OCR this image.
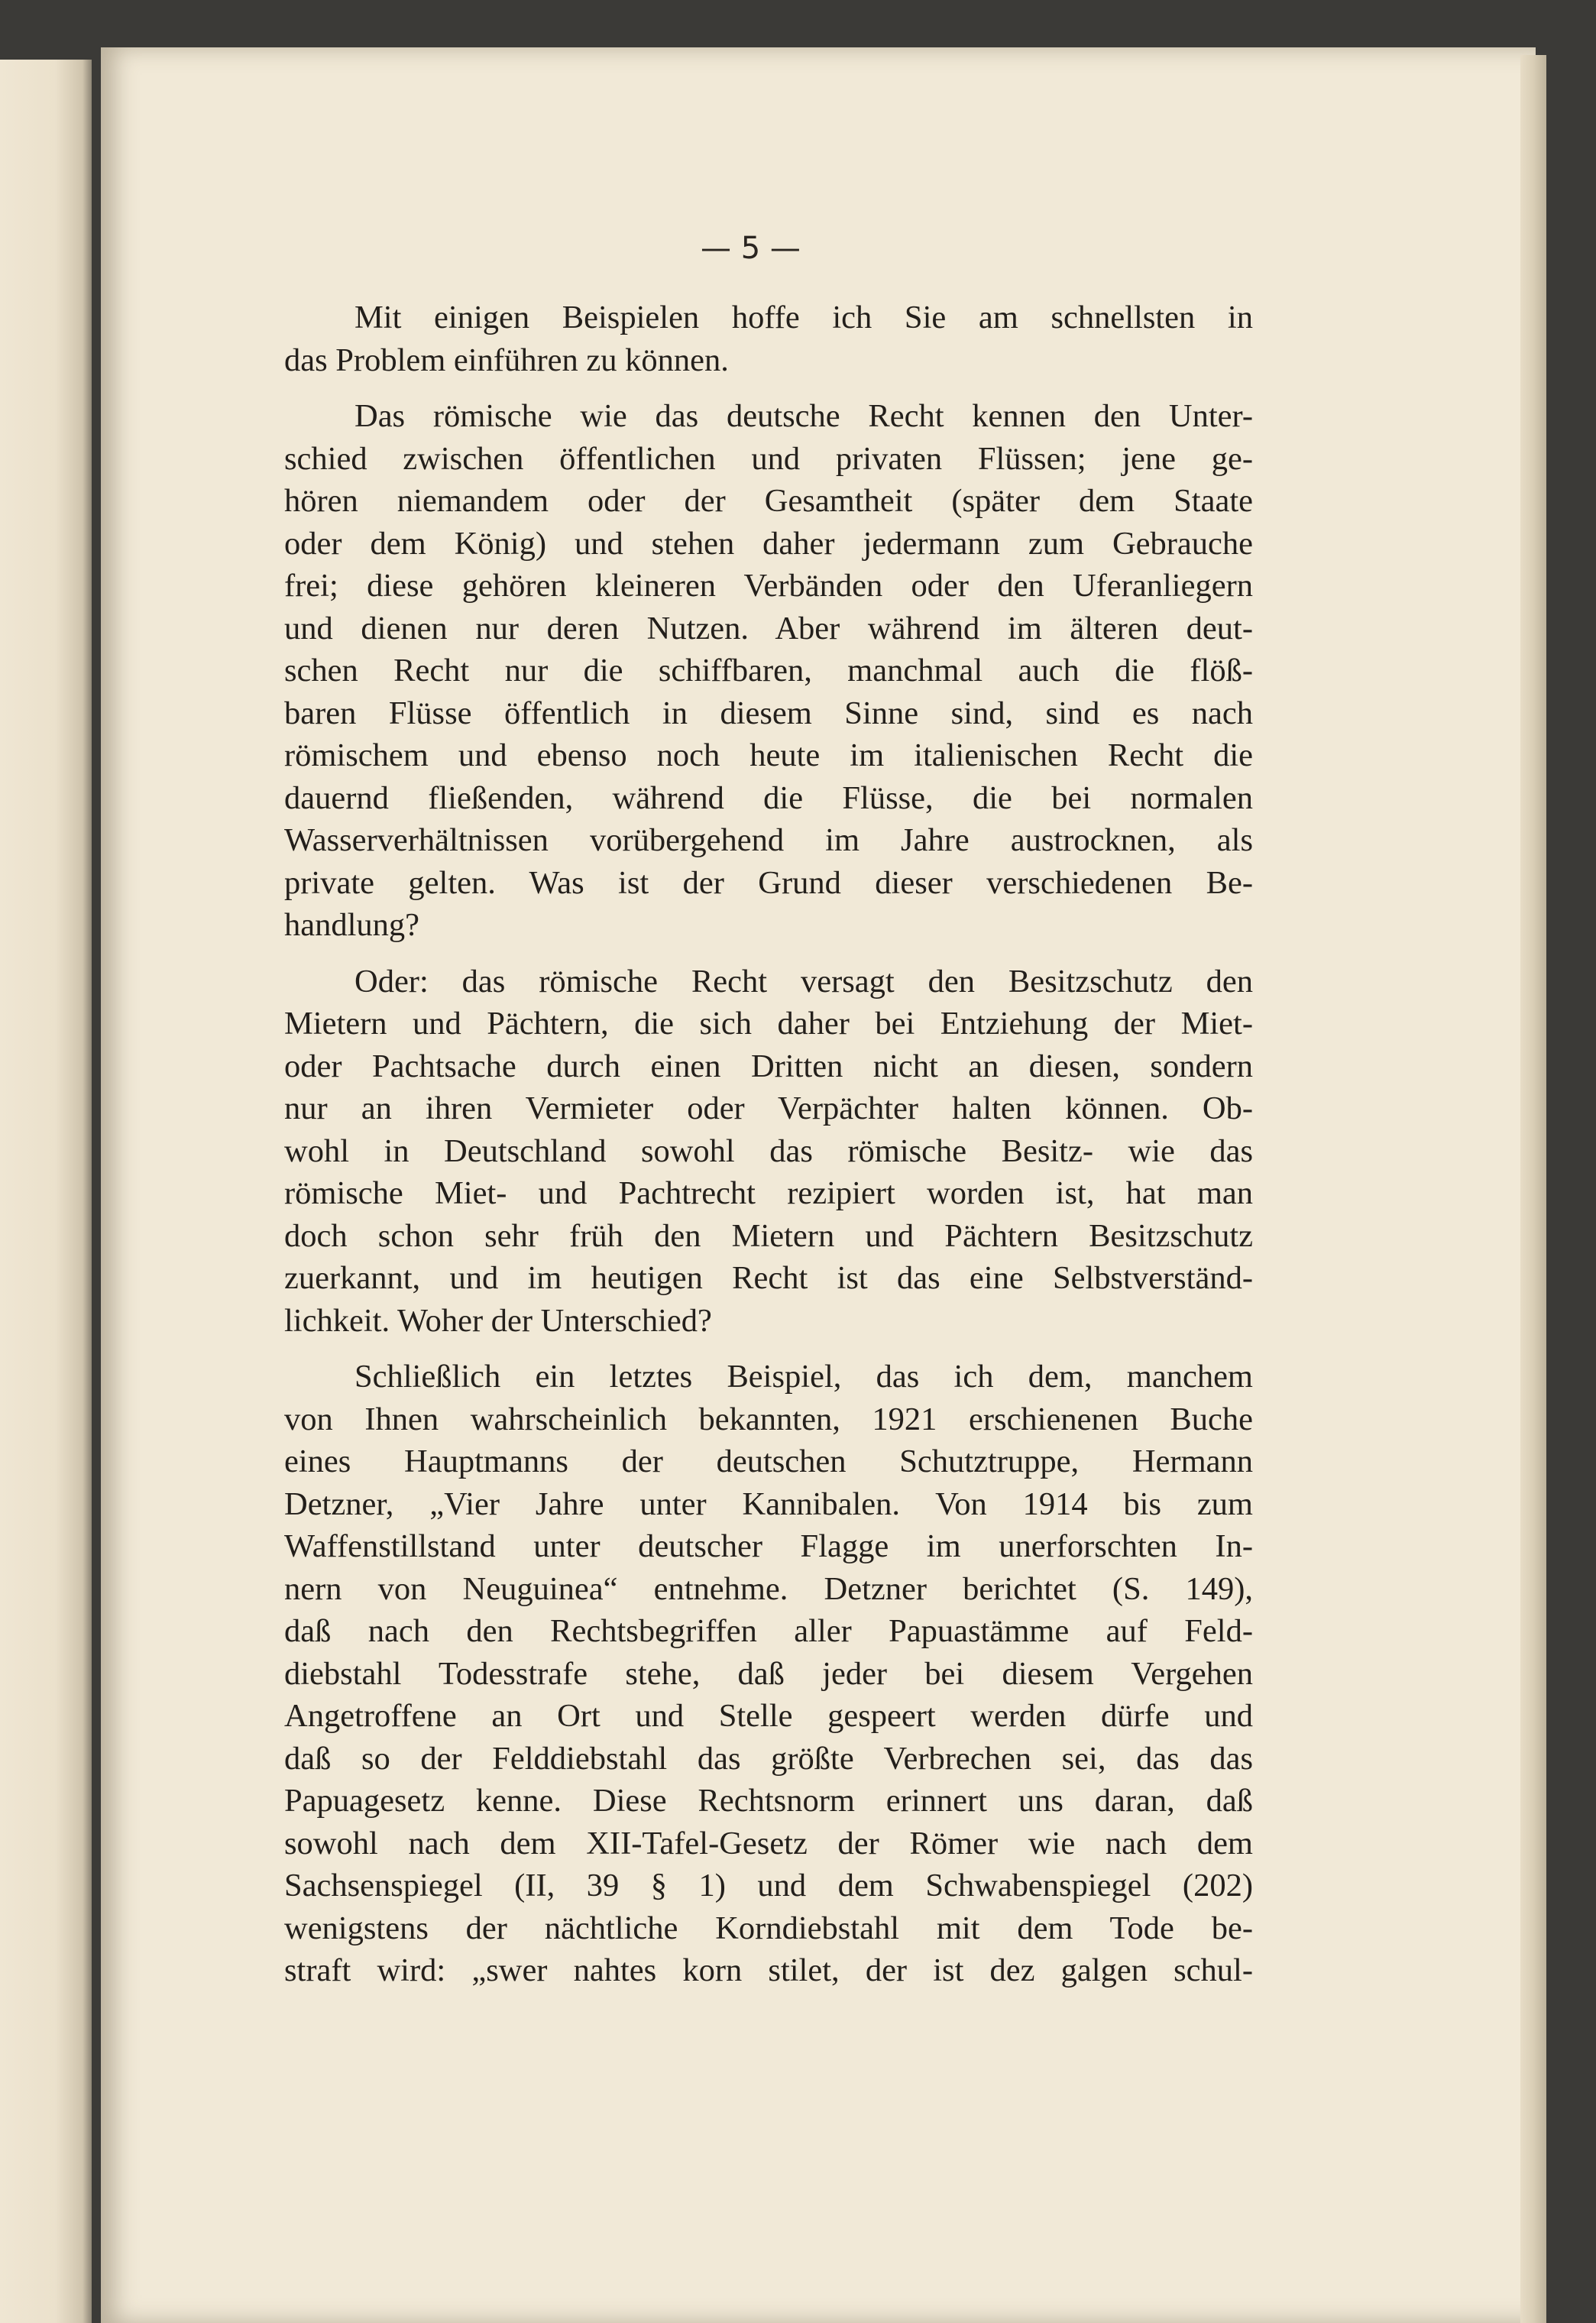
— 5 —
Mit einigen Beispielen hoffe ich Sie am schnellsten in
das Problem einführen zu können.
Das römische wie das deutsche Recht kennen den Unter-
schied zwischen öffentlichen und privaten Flüssen; jene ge-
hören niemandem oder der Gesamtheit (später dem Staate
oder dem König) und stehen daher jedermann zum Gebrauche
frei; diese gehören kleineren Verbänden oder den Uferanliegern
und dienen nur deren Nutzen. Aber während im älteren deut-
schen Recht nur die schiffbaren, manchmal auch die flöß-
baren Flüsse öffentlich in diesem Sinne sind, sind es nach
römischem und ebenso noch heute im italienischen Recht die
dauernd fließenden, während die Flüsse, die bei normalen
Wasserverhältnissen vorübergehend im Jahre austrocknen, als
private gelten. Was ist der Grund dieser verschiedenen Be-
handlung?
Oder: das römische Recht versagt den Besitzschutz den
Mietern und Pächtern, die sich daher bei Entziehung der Miet-
oder Pachtsache durch einen Dritten nicht an diesen, sondern
nur an ihren Vermieter oder Verpächter halten können. Ob-
wohl in Deutschland sowohl das römische Besitz- wie das
römische Miet- und Pachtrecht rezipiert worden ist, hat man
doch schon sehr früh den Mietern und Pächtern Besitzschutz
zuerkannt, und im heutigen Recht ist das eine Selbstverständ-
lichkeit. Woher der Unterschied?
Schließlich ein letztes Beispiel, das ich dem, manchem
von Ihnen wahrscheinlich bekannten, 1921 erschienenen Buche
eines Hauptmanns der deutschen Schutztruppe, Hermann
Detzner, „Vier Jahre unter Kannibalen. Von 1914 bis zum
Waffenstillstand unter deutscher Flagge im unerforschten In-
nern von Neuguinea“ entnehme. Detzner berichtet (S. 149),
daß nach den Rechtsbegriffen aller Papuastämme auf Feld-
diebstahl Todesstrafe stehe, daß jeder bei diesem Vergehen
Angetroffene an Ort und Stelle gespeert werden dürfe und
daß so der Felddiebstahl das größte Verbrechen sei, das das
Papuagesetz kenne. Diese Rechtsnorm erinnert uns daran, daß
sowohl nach dem XII-Tafel-Gesetz der Römer wie nach dem
Sachsenspiegel (II, 39 § 1) und dem Schwabenspiegel (202)
wenigstens der nächtliche Korndiebstahl mit dem Tode be-
straft wird: „swer nahtes korn stilet, der ist dez galgen schul-
